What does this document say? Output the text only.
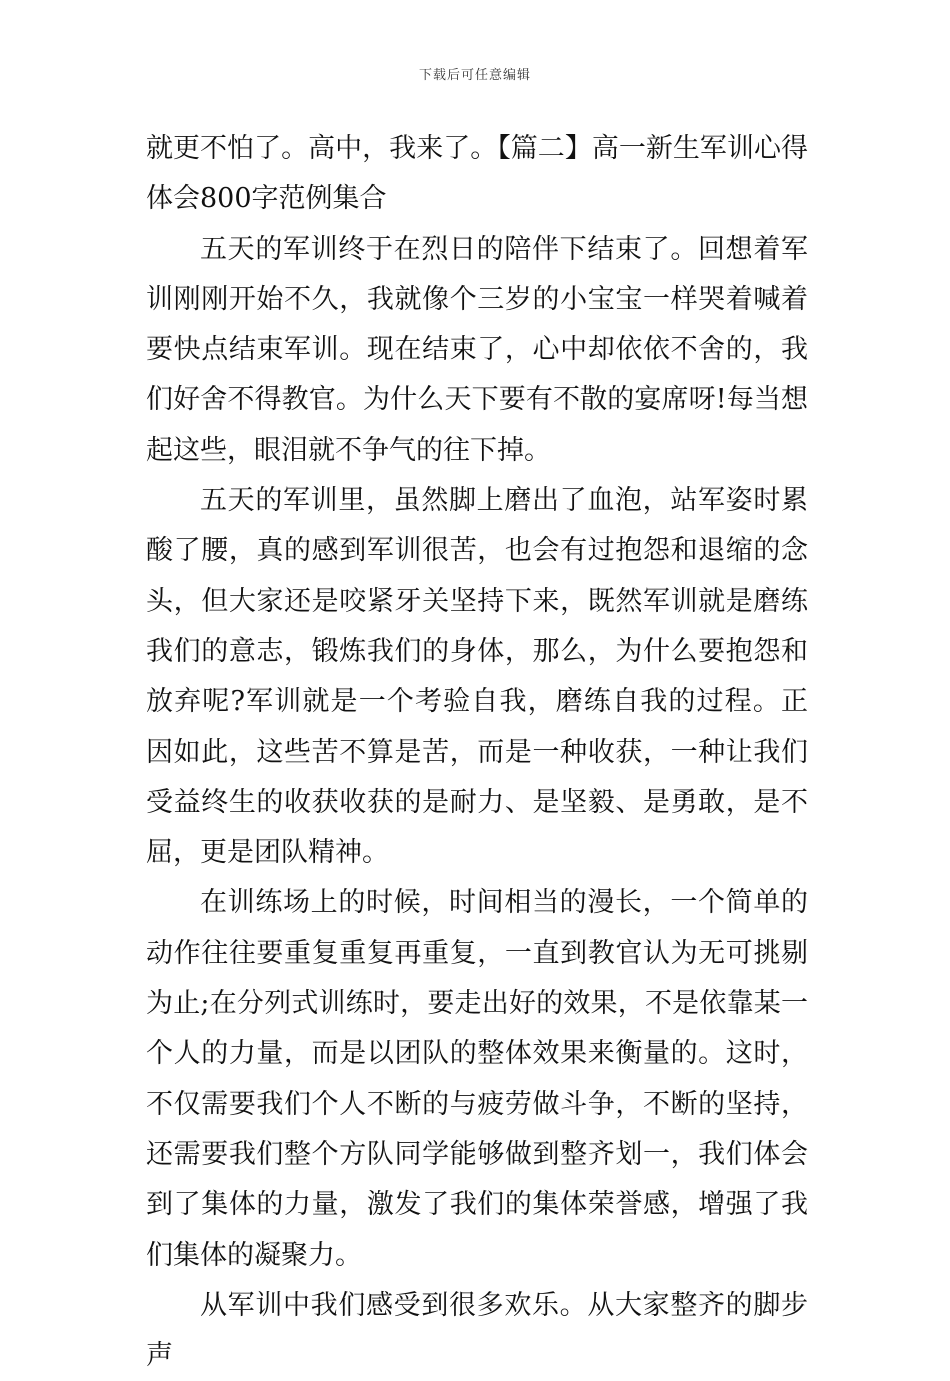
下载后可任意编辑

就更不怕了。高中，我来了。【篇二】高一新生军训心得体会800字范例集合

五天的军训终于在烈日的陪伴下结束了。回想着军训刚刚开始不久，我就像个三岁的小宝宝一样哭着喊着要快点结束军训。现在结束了，心中却依依不舍的，我们好舍不得教官。为什么天下要有不散的宴席呀!每当想起这些，眼泪就不争气的往下掉。

五天的军训里，虽然脚上磨出了血泡，站军姿时累酸了腰，真的感到军训很苦，也会有过抱怨和退缩的念头，但大家还是咬紧牙关坚持下来，既然军训就是磨练我们的意志，锻炼我们的身体，那么，为什么要抱怨和放弃呢?军训就是一个考验自我，磨练自我的过程。正因如此，这些苦不算是苦，而是一种收获，一种让我们受益终生的收获收获的是耐力、是坚毅、是勇敢，是不屈，更是团队精神。

在训练场上的时候，时间相当的漫长，一个简单的动作往往要重复重复再重复，一直到教官认为无可挑剔为止;在分列式训练时，要走出好的效果，不是依靠某一个人的力量，而是以团队的整体效果来衡量的。这时，不仅需要我们个人不断的与疲劳做斗争，不断的坚持，还需要我们整个方队同学能够做到整齐划一，我们体会到了集体的力量，激发了我们的集体荣誉感，增强了我们集体的凝聚力。

从军训中我们感受到很多欢乐。从大家整齐的脚步声
